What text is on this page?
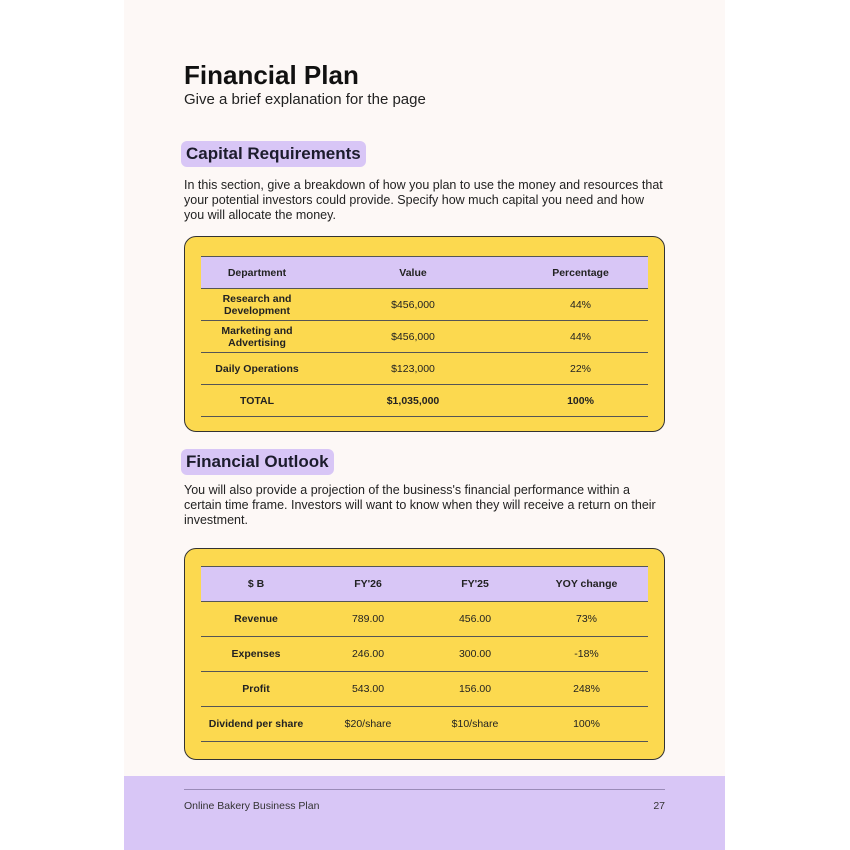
Financial Plan
Give a brief explanation for the page
Capital Requirements
In this section, give a breakdown of how you plan to use the money and resources that your potential investors could provide. Specify how much capital you need and how you will allocate the money.
Department	Value	Percentage
Research and Development	$456,000	44%
Marketing and Advertising	$456,000	44%
Daily Operations	$123,000	22%
TOTAL	$1,035,000	100%
Financial Outlook
You will also provide a projection of the business's financial performance within a certain time frame. Investors will want to know when they will receive a return on their investment.
$ B	FY'26	FY'25	YOY change
Revenue	789.00	456.00	73%
Expenses	246.00	300.00	-18%
Profit	543.00	156.00	248%
Dividend per share	$20/share	$10/share	100%
Online Bakery Business Plan	27
